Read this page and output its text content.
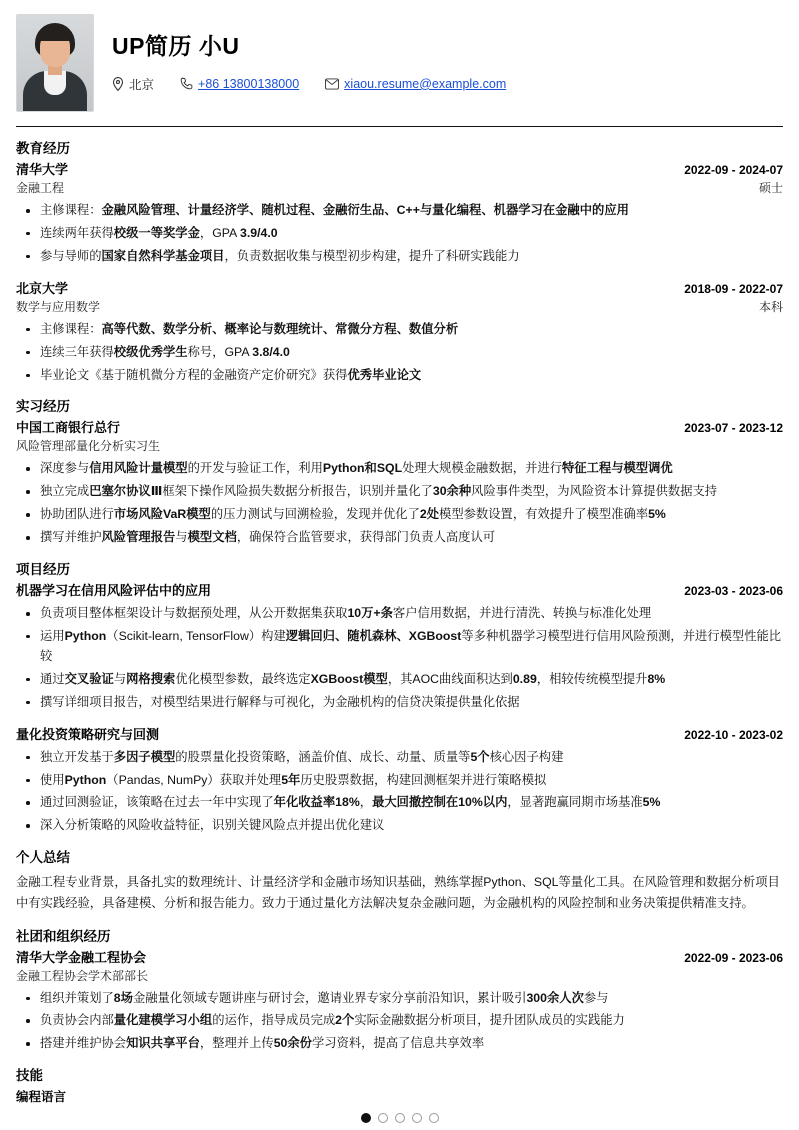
UP简历 小U
北京	+86 13800138000	xiaou.resume@example.com
教育经历
清华大学	2022-09 - 2024-07
金融工程	硕士
主修课程：金融风险管理、计量经济学、随机过程、金融衍生品、C++与量化编程、机器学习在金融中的应用
连续两年获得校级一等奖学金，GPA 3.9/4.0
参与导师的国家自然科学基金项目，负责数据收集与模型初步构建，提升了科研实践能力
北京大学	2018-09 - 2022-07
数学与应用数学	本科
主修课程：高等代数、数学分析、概率论与数理统计、常微分方程、数值分析
连续三年获得校级优秀学生称号，GPA 3.8/4.0
毕业论文《基于随机微分方程的金融资产定价研究》获得优秀毕业论文
实习经历
中国工商银行总行	2023-07 - 2023-12
风险管理部量化分析实习生
深度参与信用风险计量模型的开发与验证工作，利用Python和SQL处理大规模金融数据，并进行特征工程与模型调优
独立完成巴塞尔协议Ⅲ框架下操作风险损失数据分析报告，识别并量化了30余种风险事件类型，为风险资本计算提供数据支持
协助团队进行市场风险VaR模型的压力测试与回溯检验，发现并优化了2处模型参数设置，有效提升了模型准确率5%
撰写并维护风险管理报告与模型文档，确保符合监管要求，获得部门负责人高度认可
项目经历
机器学习在信用风险评估中的应用	2023-03 - 2023-06
负责项目整体框架设计与数据预处理，从公开数据集获取10万+条客户信用数据，并进行清洗、转换与标准化处理
运用Python（Scikit-learn, TensorFlow）构建逻辑回归、随机森林、XGBoost等多种机器学习模型进行信用风险预测，并进行模型性能比较
通过交叉验证与网格搜索优化模型参数，最终选定XGBoost模型，其AOC曲线面积达到0.89，相较传统模型提升8%
撰写详细项目报告，对模型结果进行解释与可视化，为金融机构的信贷决策提供量化依据
量化投资策略研究与回测	2022-10 - 2023-02
独立开发基于多因子模型的股票量化投资策略，涵盖价值、成长、动量、质量等5个核心因子构建
使用Python（Pandas, NumPy）获取并处理5年历史股票数据，构建回测框架并进行策略模拟
通过回测验证，该策略在过去一年中实现了年化收益率18%，最大回撤控制在10%以内，显著跑赢同期市场基准5%
深入分析策略的风险收益特征，识别关键风险点并提出优化建议
个人总结

金融工程专业背景，具备扎实的数理统计、计量经济学和金融市场知识基础，熟练掌握Python、SQL等量化工具。在风险管理和数据分析项目中有实践经验，具备建模、分析和报告能力。致力于通过量化方法解决复杂金融问题，为金融机构的风险控制和业务决策提供精准支持。

社团和组织经历
清华大学金融工程协会	2022-09 - 2023-06
金融工程协会学术部部长
组织并策划了8场金融量化领域专题讲座与研讨会，邀请业界专家分享前沿知识，累计吸引300余人次参与
负责协会内部量化建模学习小组的运作，指导成员完成2个实际金融数据分析项目，提升团队成员的实践能力
搭建并维护协会知识共享平台，整理并上传50余份学习资料，提高了信息共享效率
技能
编程语言
